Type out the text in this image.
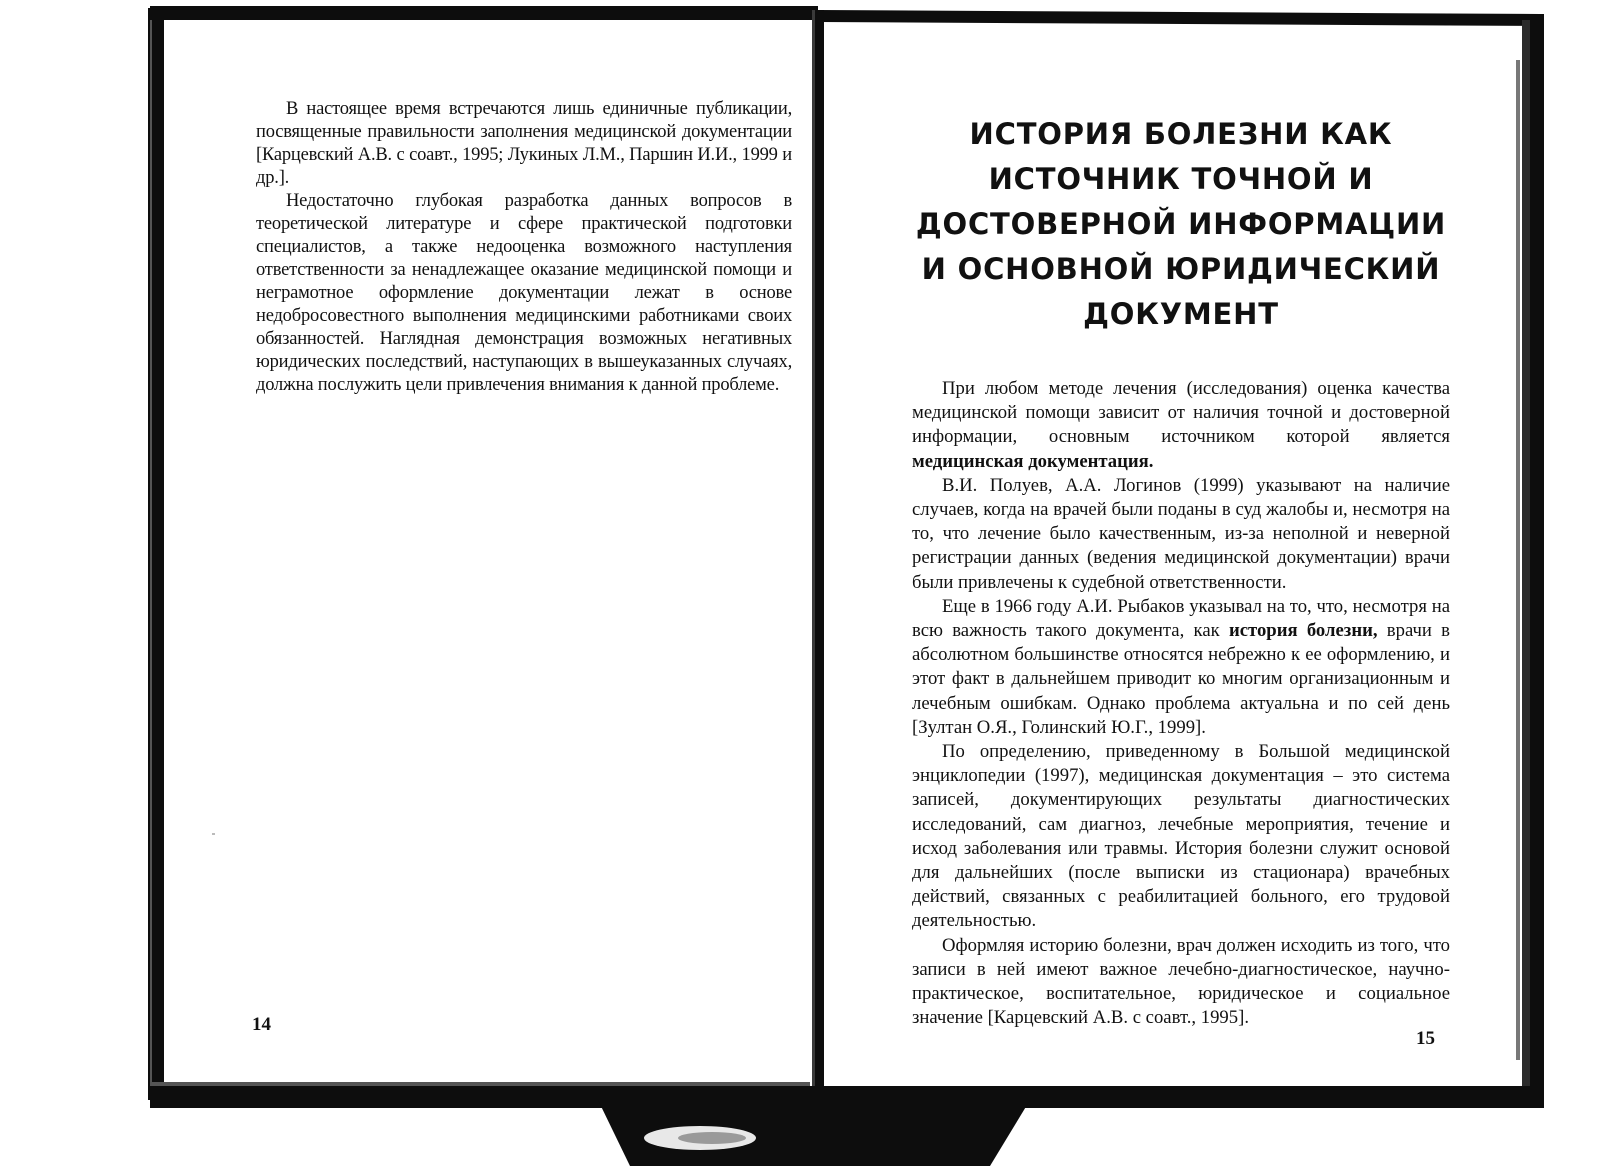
В настоящее время встречаются лишь единичные публикации, посвященные правильности заполнения медицинской документации [Карцевский А.В. с соавт., 1995; Лукиных Л.М., Паршин И.И., 1999 и др.].

Недостаточно глубокая разработка данных вопросов в теоретической литературе и сфере практической подготовки специалистов, а также недооценка возможного наступления ответственности за ненадлежащее оказание медицинской помощи и неграмотное оформление документации лежат в основе недобросовестного выполнения медицинскими работниками своих обязанностей. Наглядная демонстрация возможных негативных юридических последствий, наступающих в вышеуказанных случаях, должна послужить цели привлечения внимания к данной проблеме.

14
ИСТОРИЯ БОЛЕЗНИ КАК ИСТОЧНИК ТОЧНОЙ И ДОСТОВЕРНОЙ ИНФОРМАЦИИ И ОСНОВНОЙ ЮРИДИЧЕСКИЙ ДОКУМЕНТ

При любом методе лечения (исследования) оценка качества медицинской помощи зависит от наличия точной и достоверной информации, основным источником которой является медицинская документация.

В.И. Полуев, А.А. Логинов (1999) указывают на наличие случаев, когда на врачей были поданы в суд жалобы и, несмотря на то, что лечение было качественным, из-за неполной и неверной регистрации данных (ведения медицинской документации) врачи были привлечены к судебной ответственности.

Еще в 1966 году А.И. Рыбаков указывал на то, что, несмотря на всю важность такого документа, как история болезни, врачи в абсолютном большинстве относятся небрежно к ее оформлению, и этот факт в дальнейшем приводит ко многим организационным и лечебным ошибкам. Однако проблема актуальна и по сей день [Зултан О.Я., Голинский Ю.Г., 1999].

По определению, приведенному в Большой медицинской энциклопедии (1997), медицинская документация – это система записей, документирующих результаты диагностических исследований, сам диагноз, лечебные мероприятия, течение и исход заболевания или травмы. История болезни служит основой для дальнейших (после выписки из стационара) врачебных действий, связанных с реабилитацией больного, его трудовой деятельностью.

Оформляя историю болезни, врач должен исходить из того, что записи в ней имеют важное лечебно-диагностическое, научно-практическое, воспитательное, юридическое и социальное значение [Карцевский А.В. с соавт., 1995].

15
